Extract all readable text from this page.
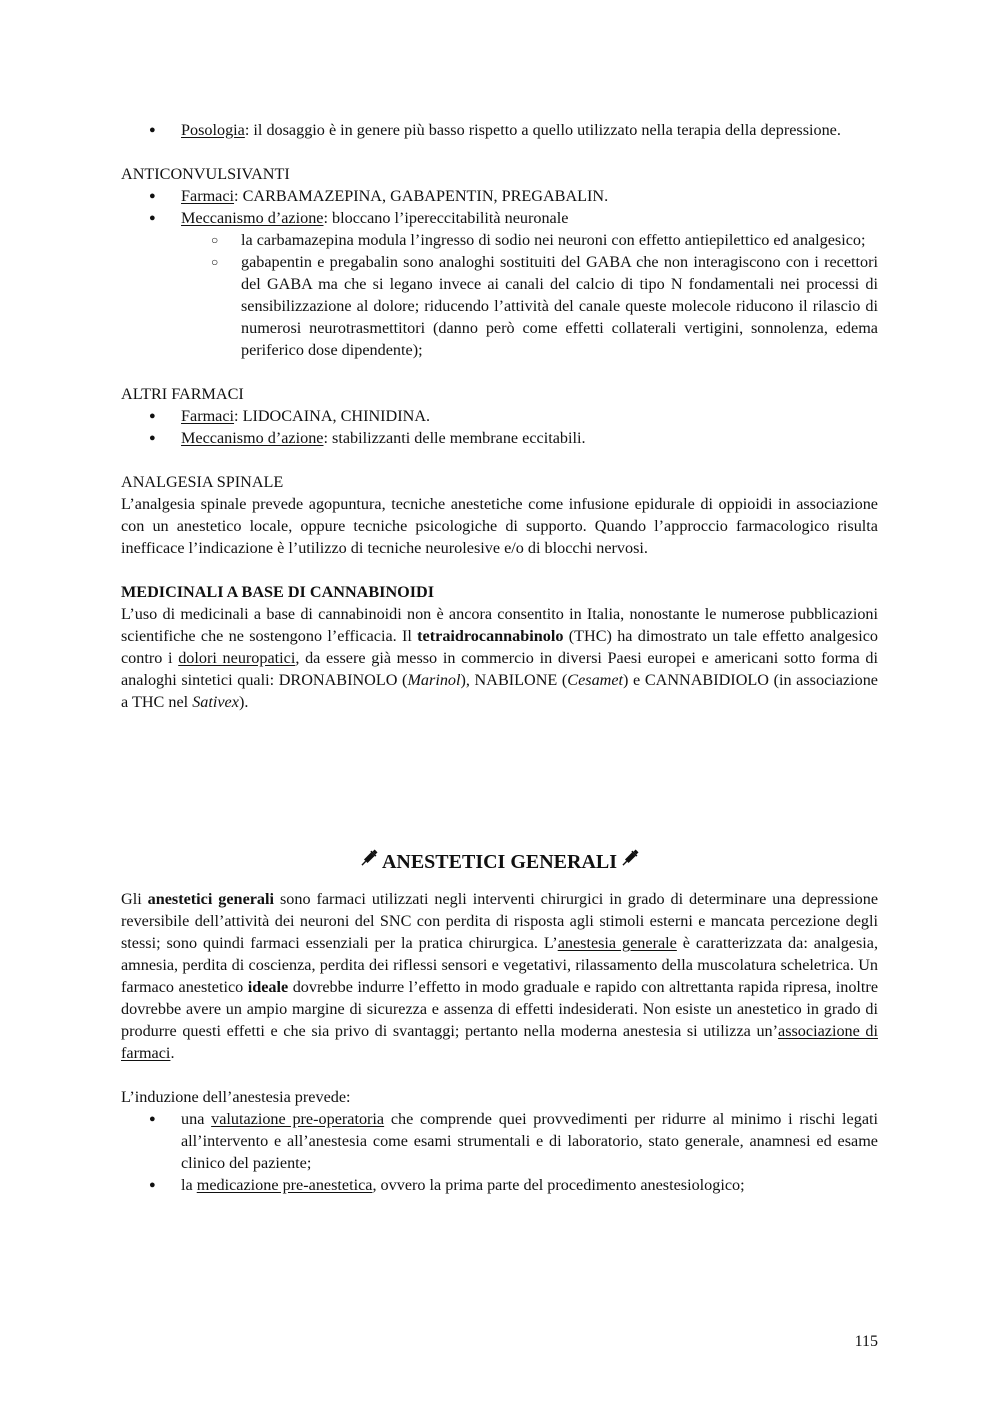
● Posologia: il dosaggio è in genere più basso rispetto a quello utilizzato nella terapia della depressione.

ANTICONVULSIVANTI

● Farmaci: CARBAMAZEPINA, GABAPENTIN, PREGABALIN.
● Meccanismo d’azione: bloccano l’ipereccitabilità neuronale
○ la carbamazepina modula l’ingresso di sodio nei neuroni con effetto antiepilettico ed analgesico;
○ gabapentin e pregabalin sono analoghi sostituiti del GABA che non interagiscono con i recettori del GABA ma che si legano invece ai canali del calcio di tipo N fondamentali nei processi di sensibilizzazione al dolore; riducendo l’attività del canale queste molecole riducono il rilascio di numerosi neurotrasmettitori (danno però come effetti collaterali vertigini, sonnolenza, edema periferico dose dipendente);

ALTRI FARMACI

● Farmaci: LIDOCAINA, CHINIDINA.
● Meccanismo d’azione: stabilizzanti delle membrane eccitabili.

ANALGESIA SPINALE

L’analgesia spinale prevede agopuntura, tecniche anestetiche come infusione epidurale di oppioidi in associazione con un anestetico locale, oppure tecniche psicologiche di supporto. Quando l’approccio farmacologico risulta inefficace l’indicazione è l’utilizzo di tecniche neurolesive e/o di blocchi nervosi.

MEDICINALI A BASE DI CANNABINOIDI

L’uso di medicinali a base di cannabinoidi non è ancora consentito in Italia, nonostante le numerose pubblicazioni scientifiche che ne sostengono l’efficacia. Il tetraidrocannabinolo (THC) ha dimostrato un tale effetto analgesico contro i dolori neuropatici, da essere già messo in commercio in diversi Paesi europei e americani sotto forma di analoghi sintetici quali: DRONABINOLO (Marinol), NABILONE (Cesamet) e CANNABIDIOLO (in associazione a THC nel Sativex).

ANESTETICI GENERALI

Gli anestetici generali sono farmaci utilizzati negli interventi chirurgici in grado di determinare una depressione reversibile dell’attività dei neuroni del SNC con perdita di risposta agli stimoli esterni e mancata percezione degli stessi; sono quindi farmaci essenziali per la pratica chirurgica. L’anestesia generale è caratterizzata da: analgesia, amnesia, perdita di coscienza, perdita dei riflessi sensori e vegetativi, rilassamento della muscolatura scheletrica. Un farmaco anestetico ideale dovrebbe indurre l’effetto in modo graduale e rapido con altrettanta rapida ripresa, inoltre dovrebbe avere un ampio margine di sicurezza e assenza di effetti indesiderati. Non esiste un anestetico in grado di produrre questi effetti e che sia privo di svantaggi; pertanto nella moderna anestesia si utilizza un’associazione di farmaci.

L’induzione dell’anestesia prevede:

● una valutazione pre-operatoria che comprende quei provvedimenti per ridurre al minimo i rischi legati all’intervento e all’anestesia come esami strumentali e di laboratorio, stato generale, anamnesi ed esame clinico del paziente;
● la medicazione pre-anestetica, ovvero la prima parte del procedimento anestesiologico;
115
